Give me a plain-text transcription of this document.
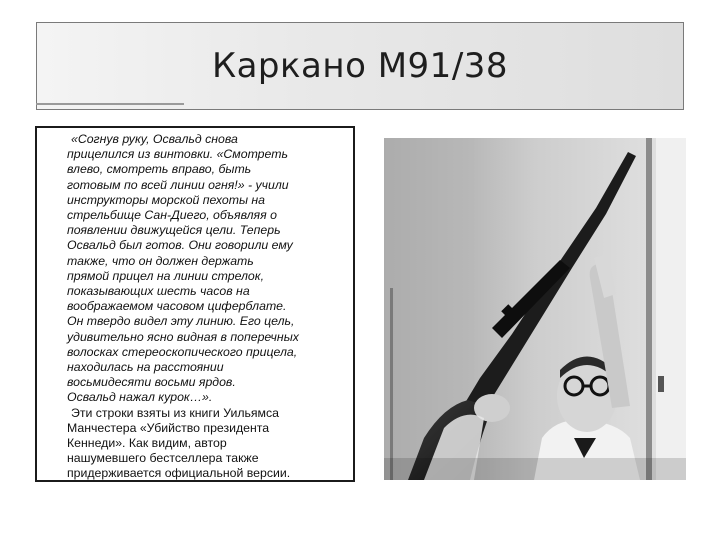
Каркано М91/38

«Согнув руку, Освальд снова
прицелился из винтовки. «Смотреть
влево, смотреть вправо, быть
готовым по всей линии огня!» - учили
инструкторы морской пехоты на
стрельбище Сан-Диего, объявляя о
появлении движущейся цели. Теперь
Освальд был готов. Они говорили ему
также, что он должен держать
прямой прицел на линии стрелок,
показывающих шесть часов на
воображаемом часовом циферблате.
Он твердо видел эту линию. Его цель,
удивительно ясно видная в поперечных
волосках стереоскопического прицела,
находилась на расстоянии
восьмидесяти восьми ярдов.
Освальд нажал курок…».

Эти строки взяты из книги Уильямса
Манчестера «Убийство президента
Кеннеди». Как видим, автор
нашумевшего бестселлера также
придерживается официальной версии.
